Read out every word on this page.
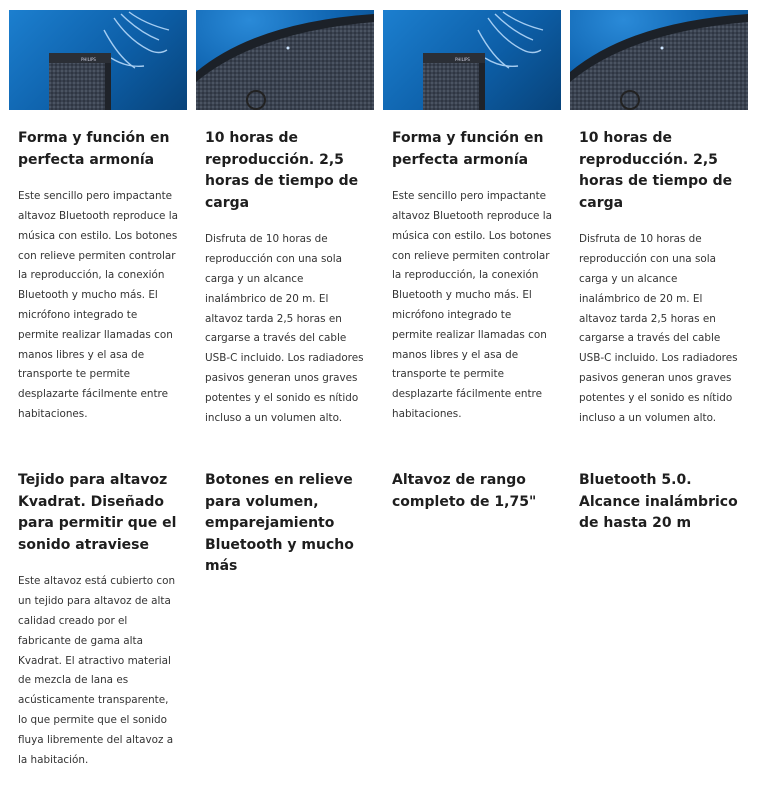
PHILIPS
Forma y función en perfecta armonía
Este sencillo pero impactante altavoz Bluetooth reproduce la música con estilo. Los botones con relieve permiten controlar la reproducción, la conexión Bluetooth y mucho más. El micrófono integrado te permite realizar llamadas con manos libres y el asa de transporte te permite desplazarte fácilmente entre habitaciones.
10 horas de reproducción. 2,5 horas de tiempo de carga
Disfruta de 10 horas de reproducción con una sola carga y un alcance inalámbrico de 20 m. El altavoz tarda 2,5 horas en cargarse a través del cable USB-C incluido. Los radiadores pasivos generan unos graves potentes y el sonido es nítido incluso a un volumen alto.
PHILIPS
Forma y función en perfecta armonía
Este sencillo pero impactante altavoz Bluetooth reproduce la música con estilo. Los botones con relieve permiten controlar la reproducción, la conexión Bluetooth y mucho más. El micrófono integrado te permite realizar llamadas con manos libres y el asa de transporte te permite desplazarte fácilmente entre habitaciones.
10 horas de reproducción. 2,5 horas de tiempo de carga
Disfruta de 10 horas de reproducción con una sola carga y un alcance inalámbrico de 20 m. El altavoz tarda 2,5 horas en cargarse a través del cable USB-C incluido. Los radiadores pasivos generan unos graves potentes y el sonido es nítido incluso a un volumen alto.
Tejido para altavoz Kvadrat. Diseñado para permitir que el sonido atraviese
Este altavoz está cubierto con un tejido para altavoz de alta calidad creado por el fabricante de gama alta Kvadrat. El atractivo material de mezcla de lana es acústicamente transparente, lo que permite que el sonido fluya libremente del altavoz a la habitación.
Botones en relieve para volumen, emparejamiento Bluetooth y mucho más
Altavoz de rango completo de 1,75"
Bluetooth 5.0. Alcance inalámbrico de hasta 20 m
